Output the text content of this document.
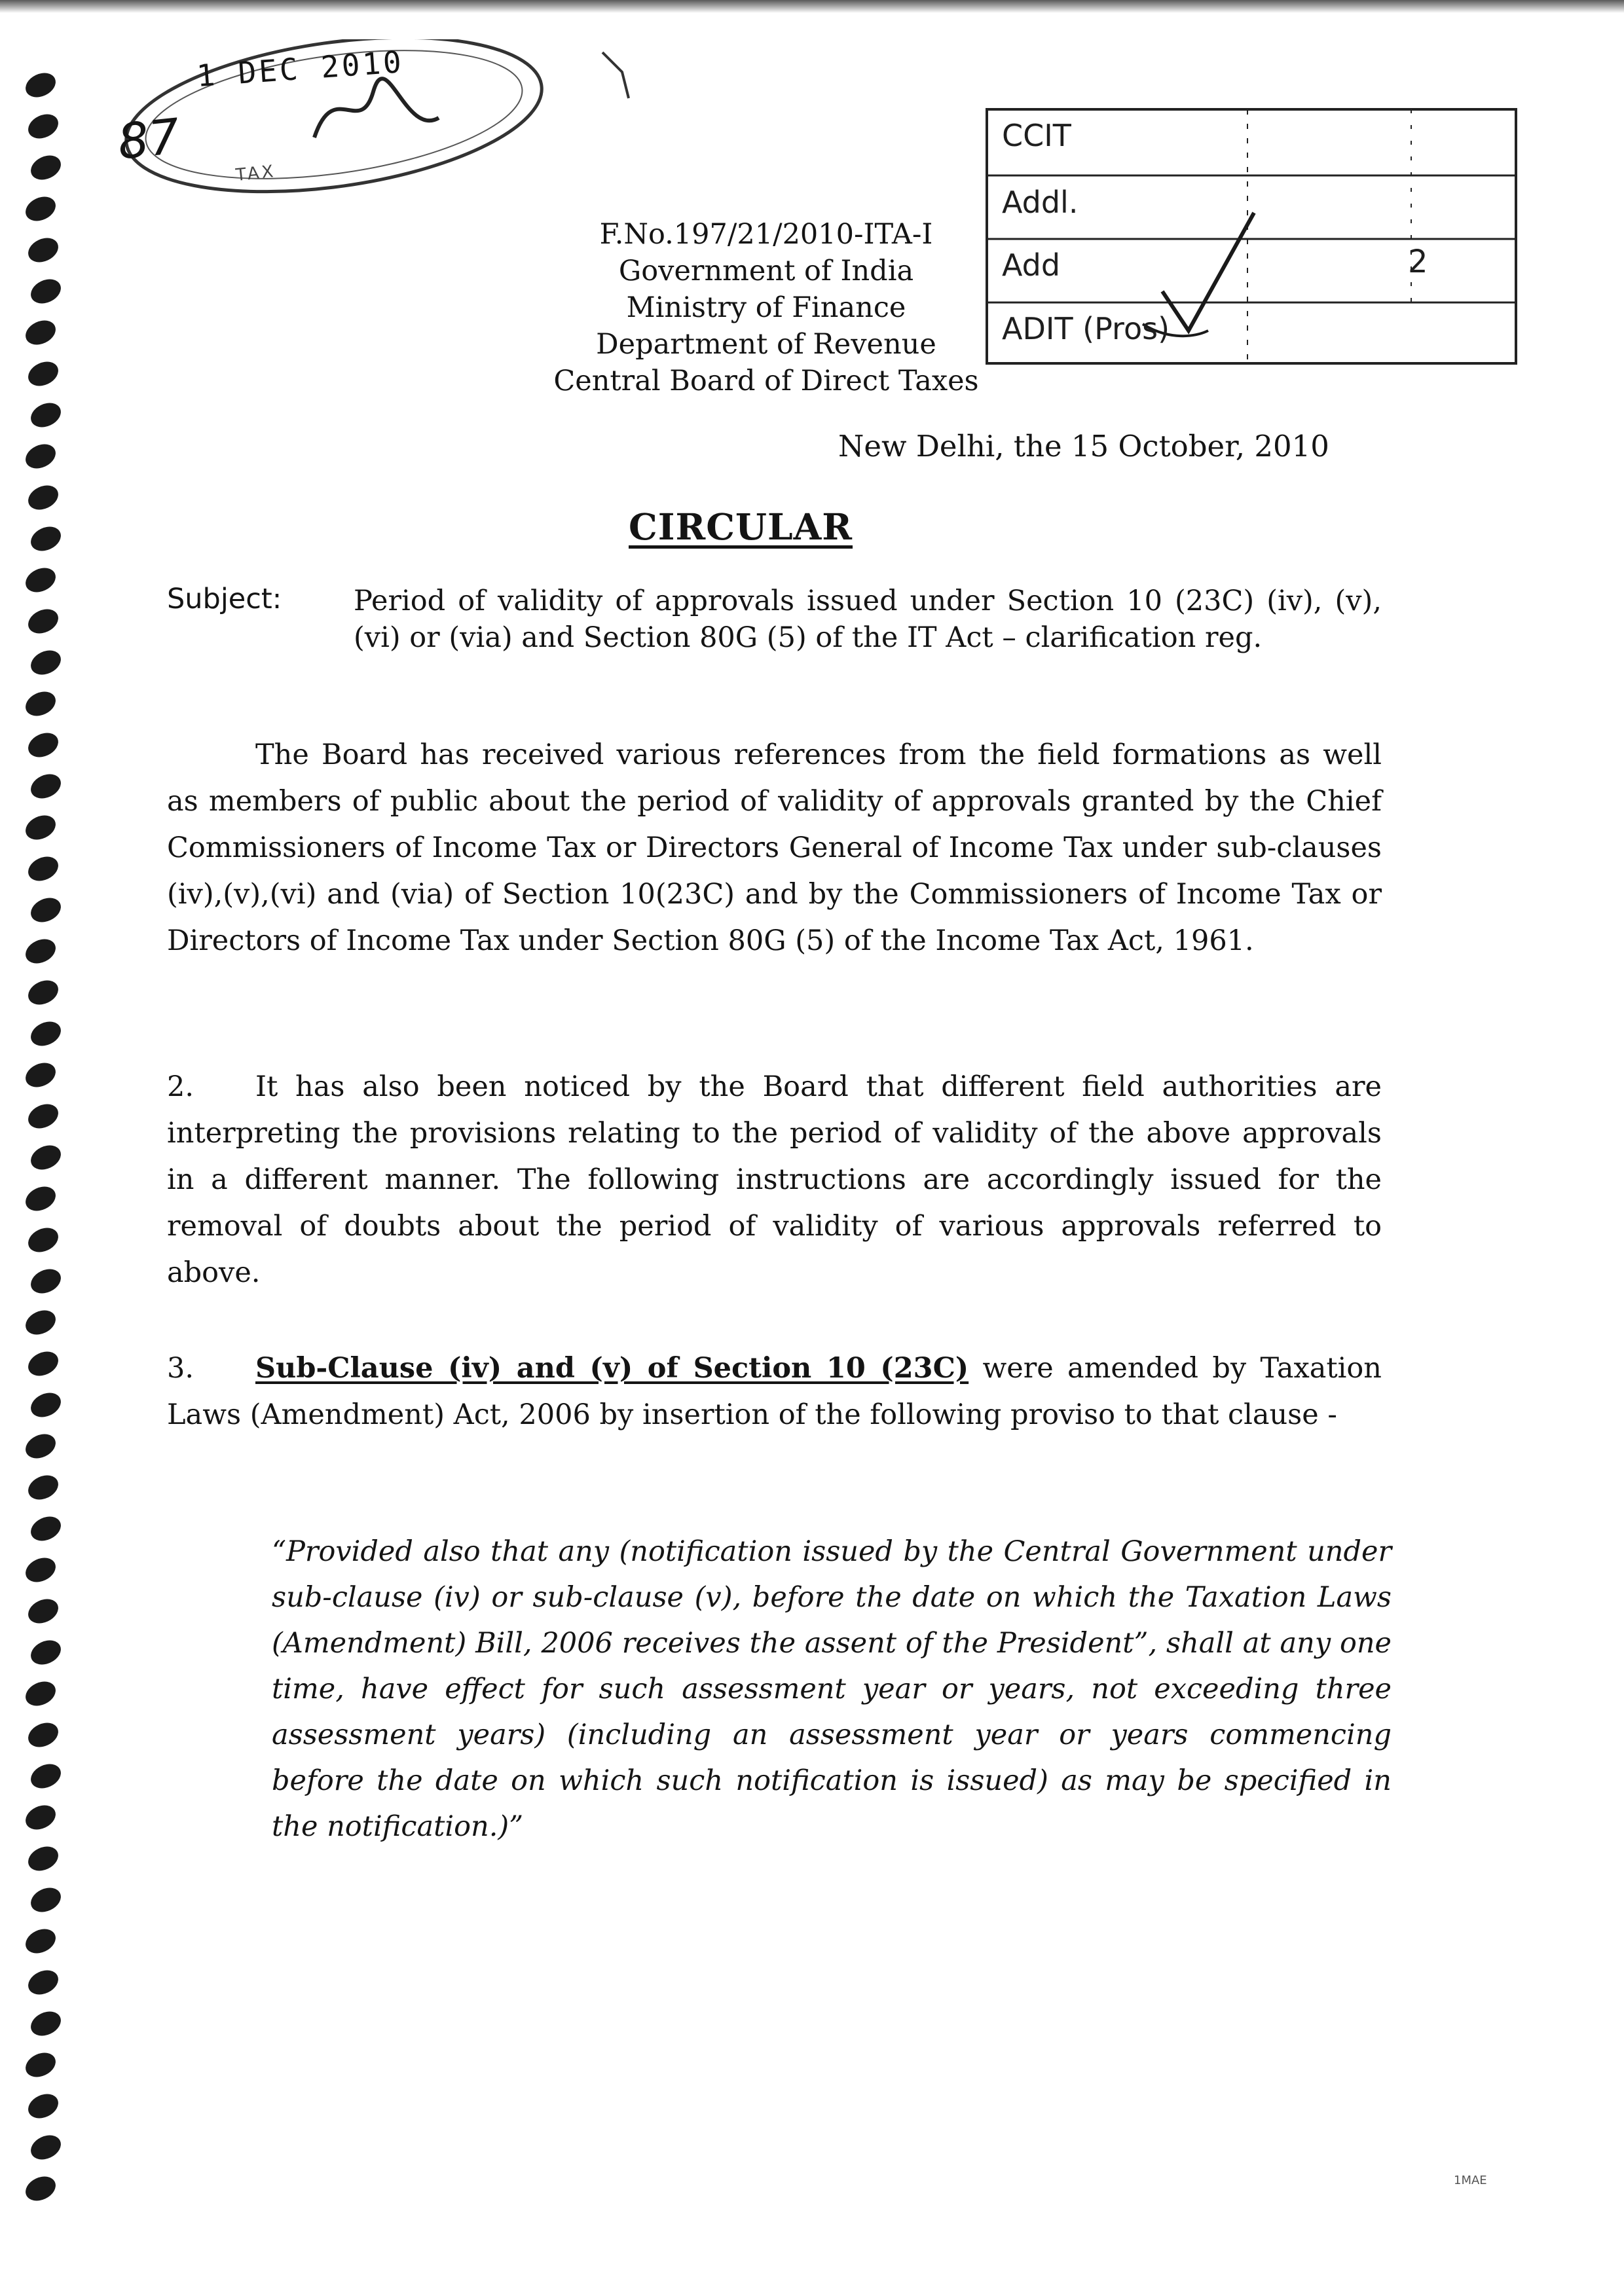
1 DEC 2010
87
TAX
CCIT
Addl.
Add
ADIT (Pros)
2
F.No.197/21/2010-ITA-I
Government of India
Ministry of Finance
Department of Revenue
Central Board of Direct Taxes
New Delhi, the 15 October, 2010
CIRCULAR
Subject:	Period of validity of approvals issued under Section 10 (23C) (iv), (v), (vi) or (via) and Section 80G (5) of the IT Act – clarification reg.
The Board has received various references from the field formations as well as members of public about the period of validity of approvals granted by the Chief Commissioners of Income Tax or Directors General of Income Tax under sub-clauses (iv),(v),(vi) and (via) of Section 10(23C) and by the Commissioners of Income Tax or Directors of Income Tax under Section 80G (5) of the Income Tax Act, 1961.
2. It has also been noticed by the Board that different field authorities are interpreting the provisions relating to the period of validity of the above approvals in a different manner. The following instructions are accordingly issued for the removal of doubts about the period of validity of various approvals referred to above.
3. Sub-Clause (iv) and (v) of Section 10 (23C) were amended by Taxation Laws (Amendment) Act, 2006 by insertion of the following proviso to that clause -
“Provided also that any (notification issued by the Central Government under sub-clause (iv) or sub-clause (v), before the date on which the Taxation Laws (Amendment) Bill, 2006 receives the assent of the President”, shall at any one time, have effect for such assessment year or years, not exceeding three assessment years) (including an assessment year or years commencing before the date on which such notification is issued) as may be specified in the notification.)”
1MAE
